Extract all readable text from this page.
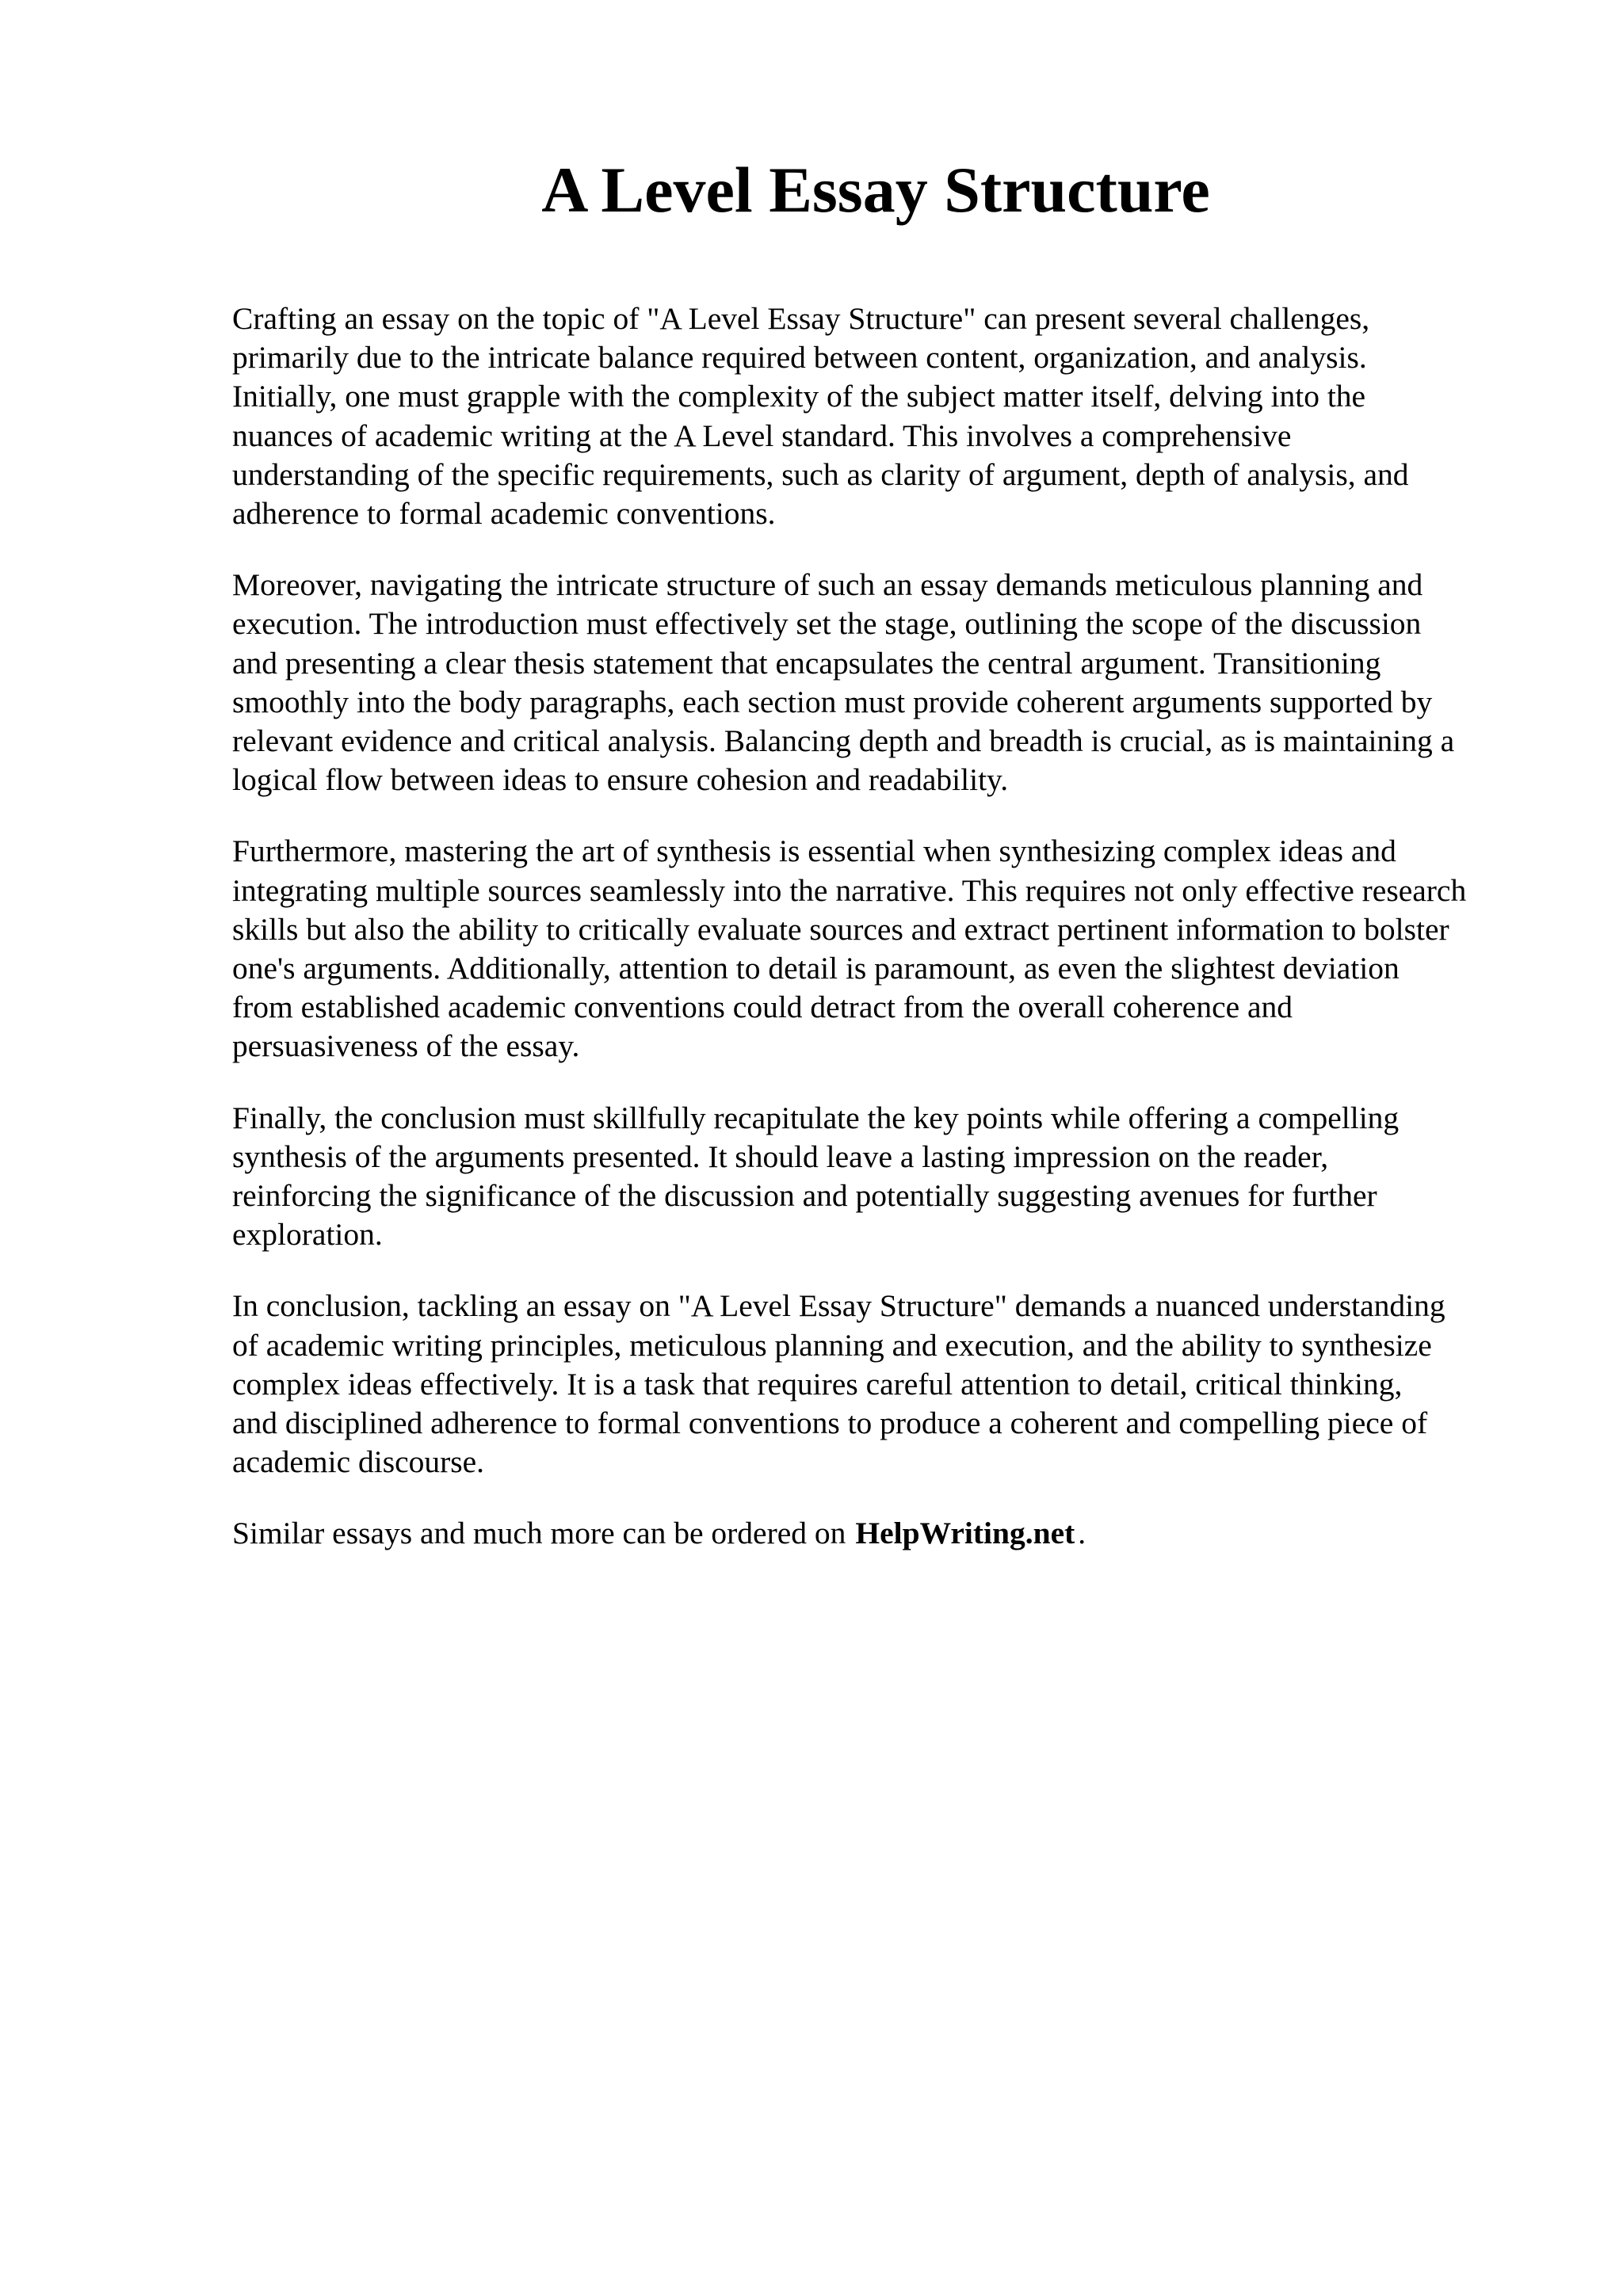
A Level Essay Structure

Crafting an essay on the topic of "A Level Essay Structure" can present several challenges,
primarily due to the intricate balance required between content, organization, and analysis.
Initially, one must grapple with the complexity of the subject matter itself, delving into the
nuances of academic writing at the A Level standard. This involves a comprehensive
understanding of the specific requirements, such as clarity of argument, depth of analysis, and
adherence to formal academic conventions.

Moreover, navigating the intricate structure of such an essay demands meticulous planning and
execution. The introduction must effectively set the stage, outlining the scope of the discussion
and presenting a clear thesis statement that encapsulates the central argument. Transitioning
smoothly into the body paragraphs, each section must provide coherent arguments supported by
relevant evidence and critical analysis. Balancing depth and breadth is crucial, as is maintaining a
logical flow between ideas to ensure cohesion and readability.

Furthermore, mastering the art of synthesis is essential when synthesizing complex ideas and
integrating multiple sources seamlessly into the narrative. This requires not only effective research
skills but also the ability to critically evaluate sources and extract pertinent information to bolster
one's arguments. Additionally, attention to detail is paramount, as even the slightest deviation
from established academic conventions could detract from the overall coherence and
persuasiveness of the essay.

Finally, the conclusion must skillfully recapitulate the key points while offering a compelling
synthesis of the arguments presented. It should leave a lasting impression on the reader,
reinforcing the significance of the discussion and potentially suggesting avenues for further
exploration.

In conclusion, tackling an essay on "A Level Essay Structure" demands a nuanced understanding
of academic writing principles, meticulous planning and execution, and the ability to synthesize
complex ideas effectively. It is a task that requires careful attention to detail, critical thinking,
and disciplined adherence to formal conventions to produce a coherent and compelling piece of
academic discourse.

Similar essays and much more can be ordered on HelpWriting.net .
